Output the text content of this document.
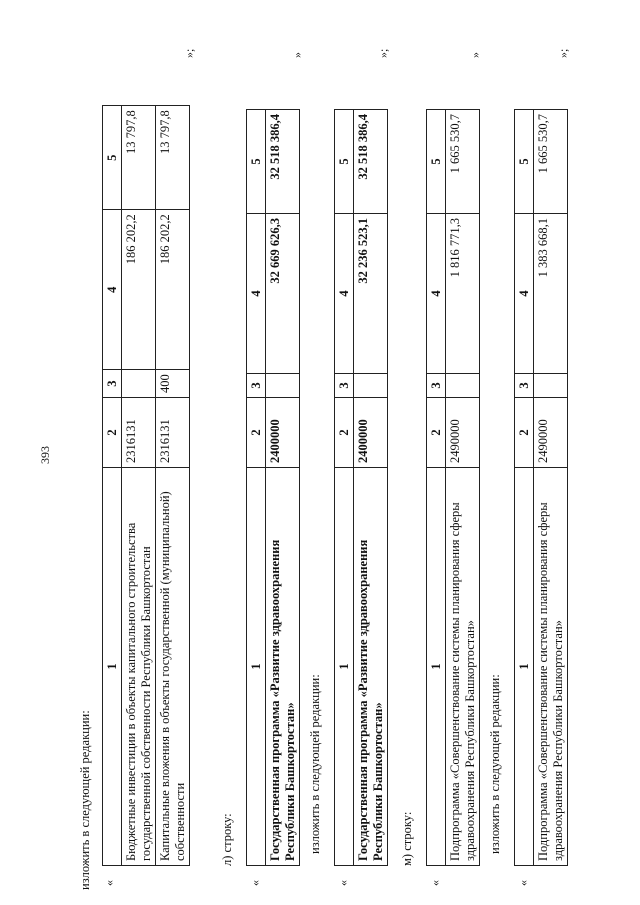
393
изложить в следующей редакции: «
1	2	3	4	5
Бюджетные инвестиции в объекты капитального строительства государственной собственности Республики Башкортостан	2316131		186 202,2	13 797,8
Капитальные вложения в объекты государственной (муниципальной) собственности	2316131	400	186 202,2	13 797,8
»;
л) строку:
«
1	2	3	4	5
Государственная программа «Развитие здравоохранения Республики Башкортостан»	2400000		32 669 626,3	32 518 386,4
»
изложить в следующей редакции:
«
1	2	3	4	5
Государственная программа «Развитие здравоохранения Республики Башкортостан»	2400000		32 236 523,1	32 518 386,4
»;
м) строку:
«
1	2	3	4	5
Подпрограмма «Совершенствование системы планирования сферы здравоохранения Республики Башкортостан»	2490000		1 816 771,3	1 665 530,7
»
изложить в следующей редакции:
«
1	2	3	4	5
Подпрограмма «Совершенствование системы планирования сферы здравоохранения Республики Башкортостан»	2490000		1 383 668,1	1 665 530,7
»;
